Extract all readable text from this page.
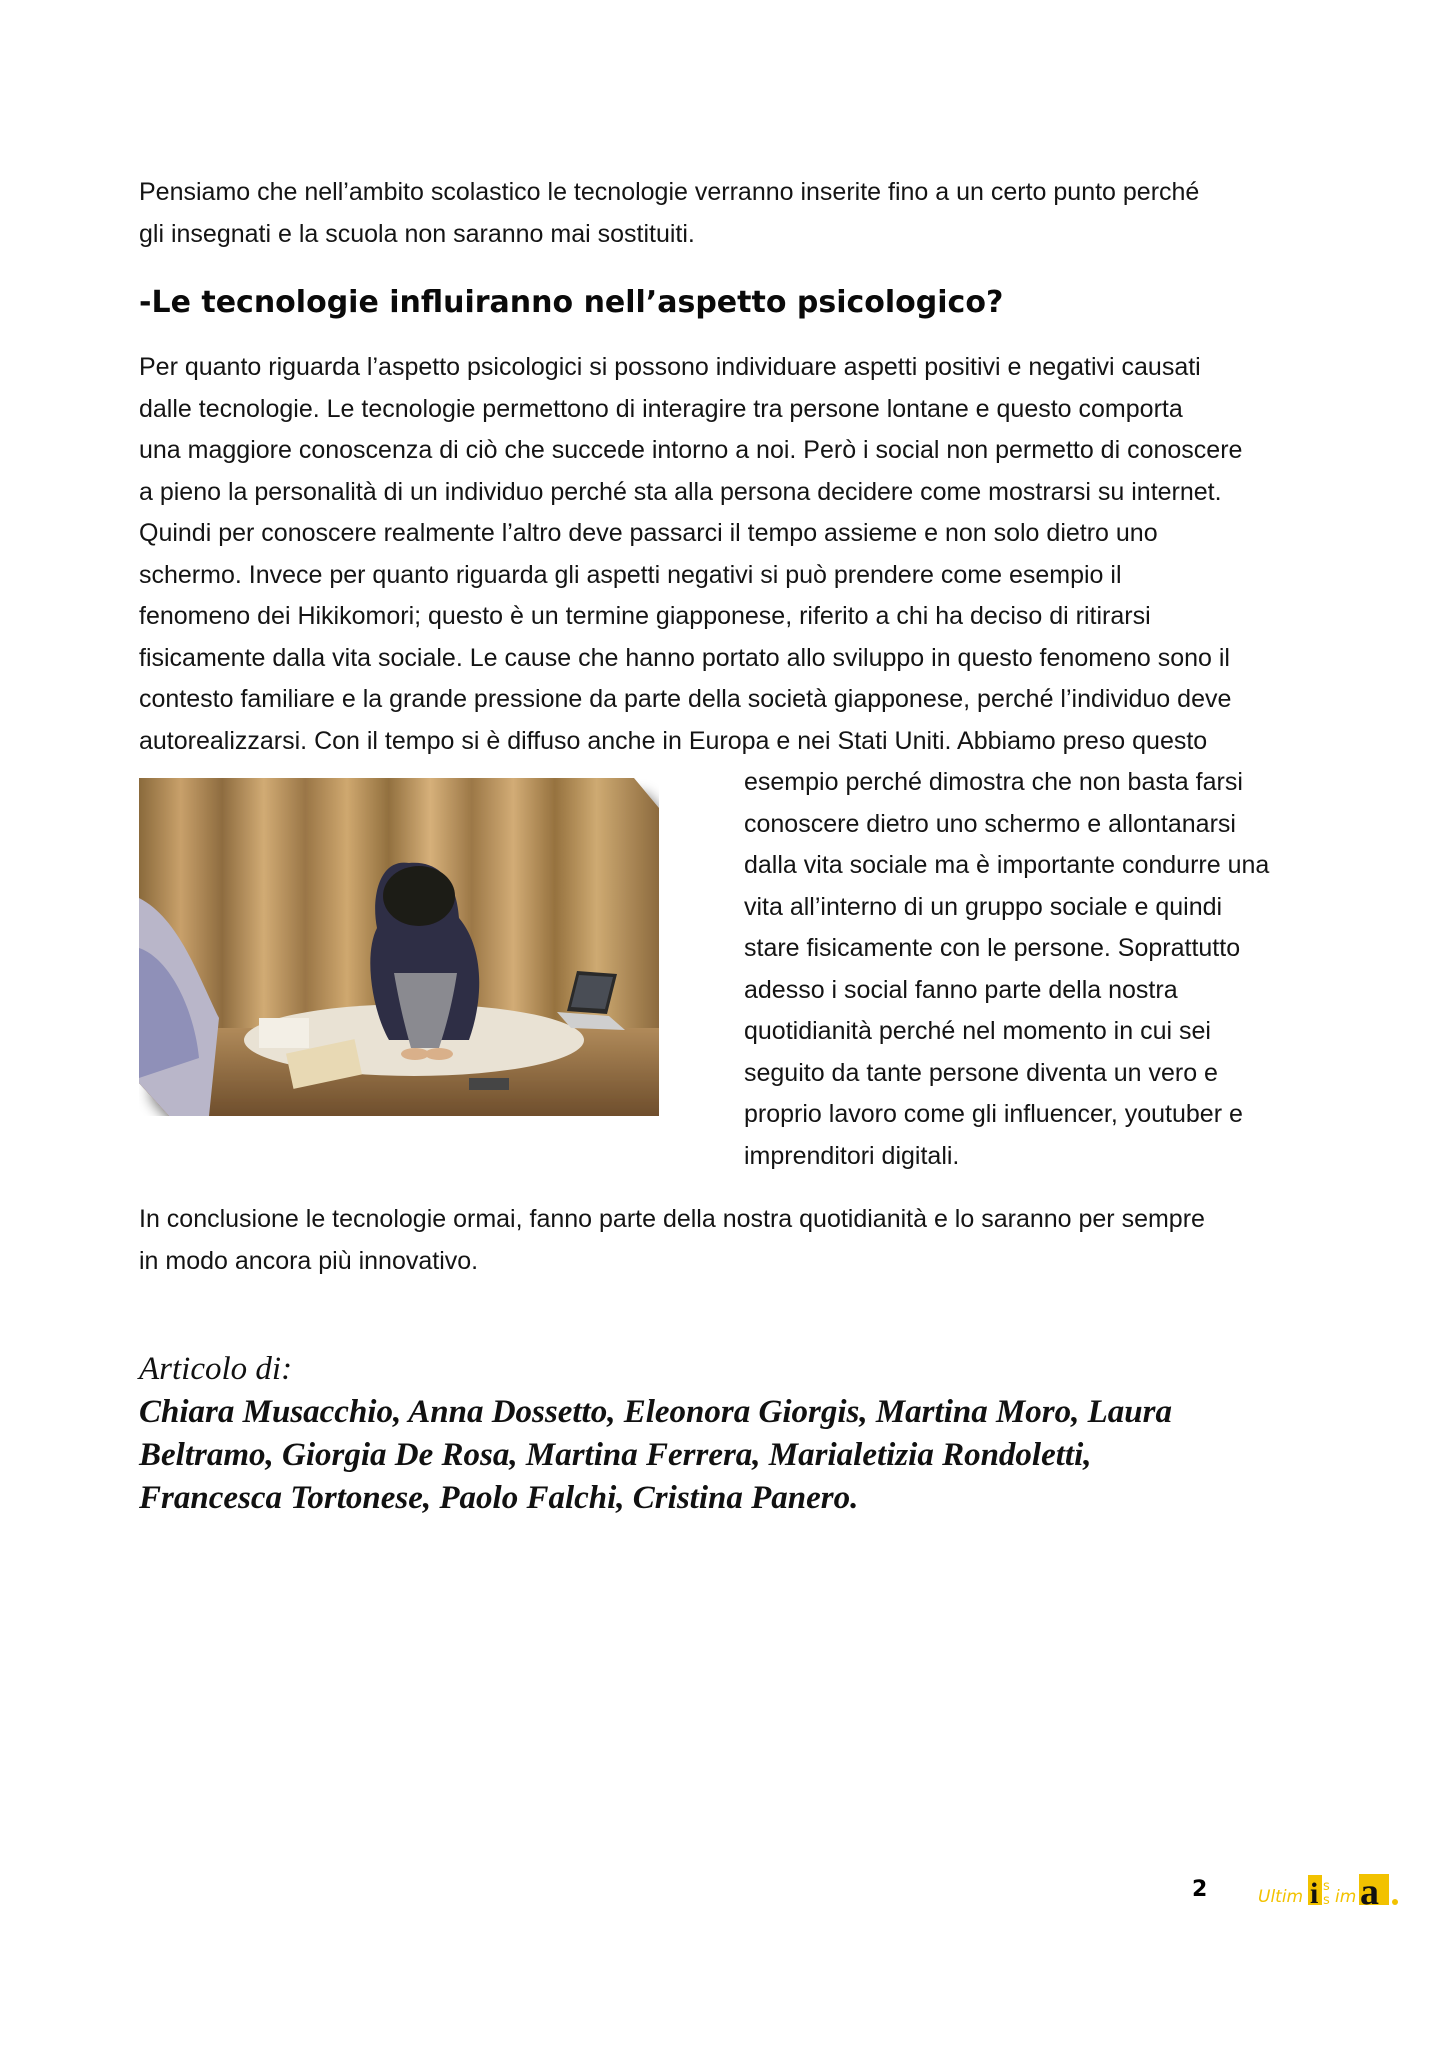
Pensiamo che nell’ambito scolastico le tecnologie verranno inserite fino a un certo punto perché
gli insegnati e la scuola non saranno mai sostituiti.

-Le tecnologie influiranno nell’aspetto psicologico?

Per quanto riguarda l’aspetto psicologici si possono individuare aspetti positivi e negativi causati
dalle tecnologie. Le tecnologie permettono di interagire tra persone lontane e questo comporta
una maggiore conoscenza di ciò che succede intorno a noi. Però i social non permetto di conoscere
a pieno la personalità di un individuo perché sta alla persona decidere come mostrarsi su internet.
Quindi per conoscere realmente l’altro deve passarci il tempo assieme e non solo dietro uno
schermo. Invece per quanto riguarda gli aspetti negativi si può prendere come esempio il
fenomeno dei Hikikomori; questo è un termine giapponese, riferito a chi ha deciso di ritirarsi
fisicamente dalla vita sociale. Le cause che hanno portato allo sviluppo in questo fenomeno sono il
contesto familiare e la grande pressione da parte della società giapponese, perché l’individuo deve
autorealizzarsi. Con il tempo si è diffuso anche in Europa e nei Stati Uniti. Abbiamo preso questo

esempio perché dimostra che non basta farsi
conoscere dietro uno schermo e allontanarsi
dalla vita sociale ma è importante condurre una
vita all’interno di un gruppo sociale e quindi
stare fisicamente con le persone. Soprattutto
adesso i social fanno parte della nostra
quotidianità perché nel momento in cui sei
seguito da tante persone diventa un vero e
proprio lavoro come gli influencer, youtuber e
imprenditori digitali.

In conclusione le tecnologie ormai, fanno parte della nostra quotidianità e lo saranno per sempre
in modo ancora più innovativo.

Articolo di:
Chiara Musacchio, Anna Dossetto, Eleonora Giorgis, Martina Moro, Laura
Beltramo, Giorgia De Rosa, Martina Ferrera, Marialetizia Rondoletti,
Francesca Tortonese, Paolo Falchi, Cristina Panero.
2	Ultim i s
s im a
